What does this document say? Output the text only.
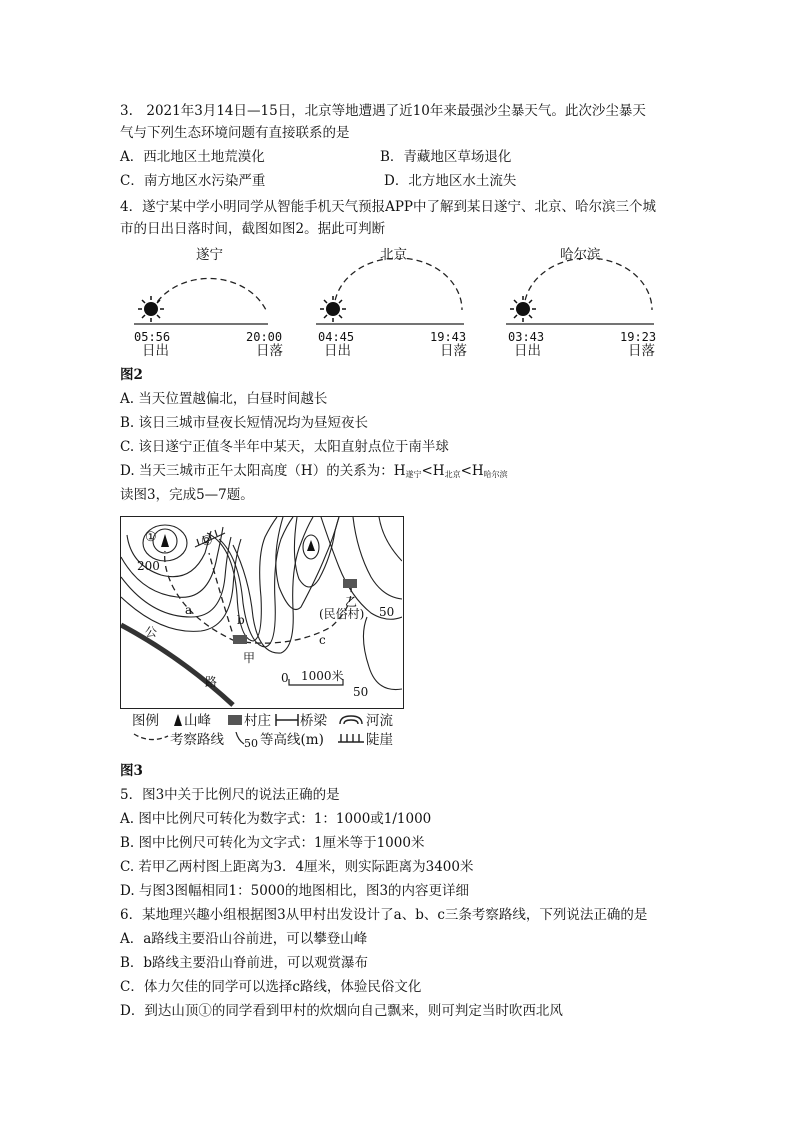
3.　2021年3月14日—15日，北京等地遭遇了近10年来最强沙尘暴天气。此次沙尘暴天
气与下列生态环境问题有直接联系的是
A．西北地区土地荒漠化	B．青藏地区草场退化
C．南方地区水污染严重	D．北方地区水土流失
4．遂宁某中学小明同学从智能手机天气预报APP中了解到某日遂宁、北京、哈尔滨三个城
市的日出日落时间，截图如图2。据此可判断
遂宁
05:56	20:00
日出	日落
北京
04:45	19:43
日出	日落
哈尔滨
03:43	19:23
日出	日落
图2
A. 当天位置越偏北，白昼时间越长
B. 该日三城市昼夜长短情况均为昼短夜长
C. 该日遂宁正值冬半年中某天，太阳直射点位于南半球
D. 当天三城市正午太阳高度（H）的关系为：$H_{遂宁}<H_{北京}<H_{哈尔滨}$
读图3，完成5—7题。
①	②
200
a
b
c
乙
(民俗村) 50
50
甲
公
路	0 1000米
图例 山峰 村庄 桥梁	河流
考察路线 50 等高线(m)	陡崖
图3
5．图3中关于比例尺的说法正确的是
A. 图中比例尺可转化为数字式：1：1000或1/1000
B. 图中比例尺可转化为文字式：1厘米等于1000米
C. 若甲乙两村图上距离为3．4厘米，则实际距离为3400米
D. 与图3图幅相同1：5000的地图相比，图3的内容更详细
6．某地理兴趣小组根据图3从甲村出发设计了a、b、c三条考察路线，下列说法正确的是
A．a路线主要沿山谷前进，可以攀登山峰
B．b路线主要沿山脊前进，可以观赏瀑布
C．体力欠佳的同学可以选择c路线，体验民俗文化
D．到达山顶①的同学看到甲村的炊烟向自己飘来，则可判定当时吹西北风
